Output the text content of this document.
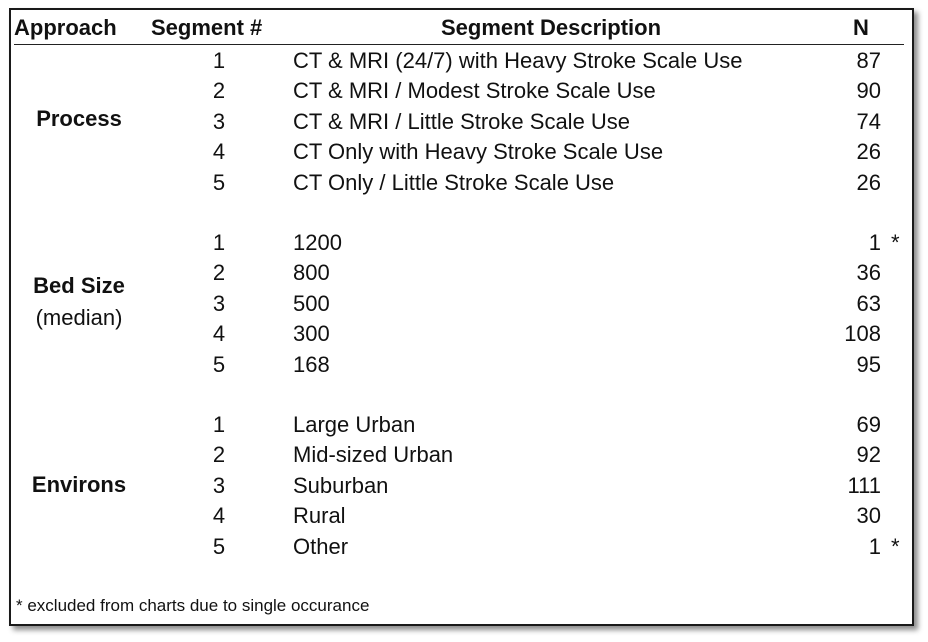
Approach Segment #	Segment Description	N
Process
1	CT & MRI (24/7) with Heavy Stroke Scale Use	87
2	CT & MRI / Modest Stroke Scale Use	90
3	CT & MRI / Little Stroke Scale Use	74
4	CT Only with Heavy Stroke Scale Use	26
5	CT Only / Little Stroke Scale Use	26
Bed Size
(median)
1	1200	1 *
2	800	36
3	500	63
4	300	108
5	168	95
Environs
1	Large Urban	69
2	Mid-sized Urban	92
3	Suburban	111
4	Rural	30
5	Other	1 *
* excluded from charts due to single occurance
